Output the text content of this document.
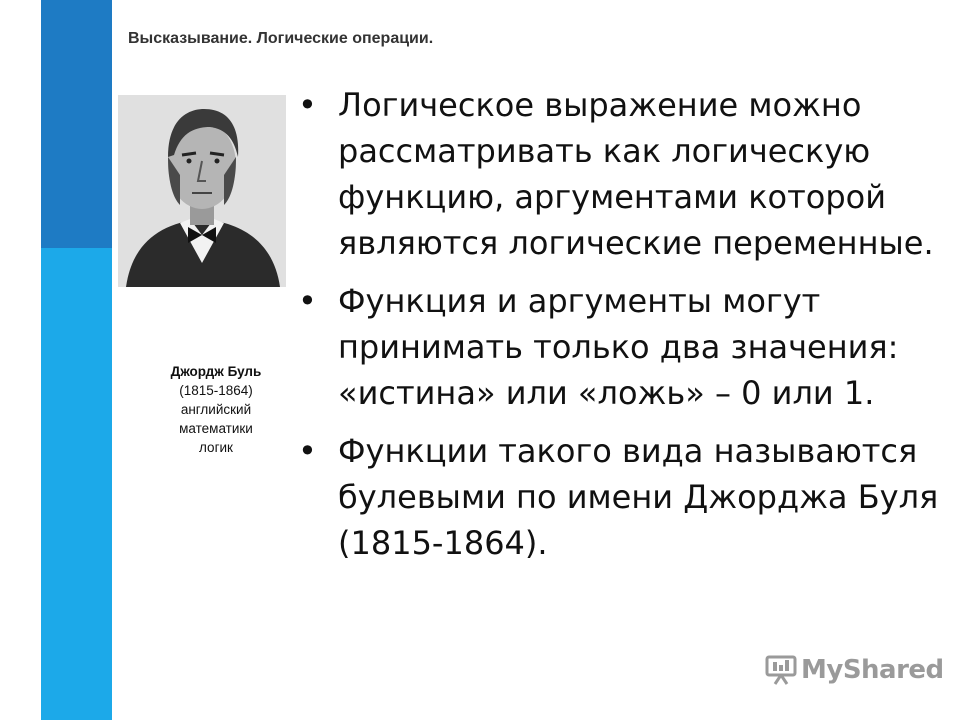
Высказывание. Логические операции.
Джордж Буль
(1815-1864)
английский
математики
логик
• Логическое выражение можно рассматривать как логическую функцию, аргументами которой являются логические переменные.
• Функция и аргументы могут принимать только два значения: «истина» или «ложь» – 0 или 1.
• Функции такого вида называются булевыми по имени Джорджа Буля (1815-1864).
MyShared
